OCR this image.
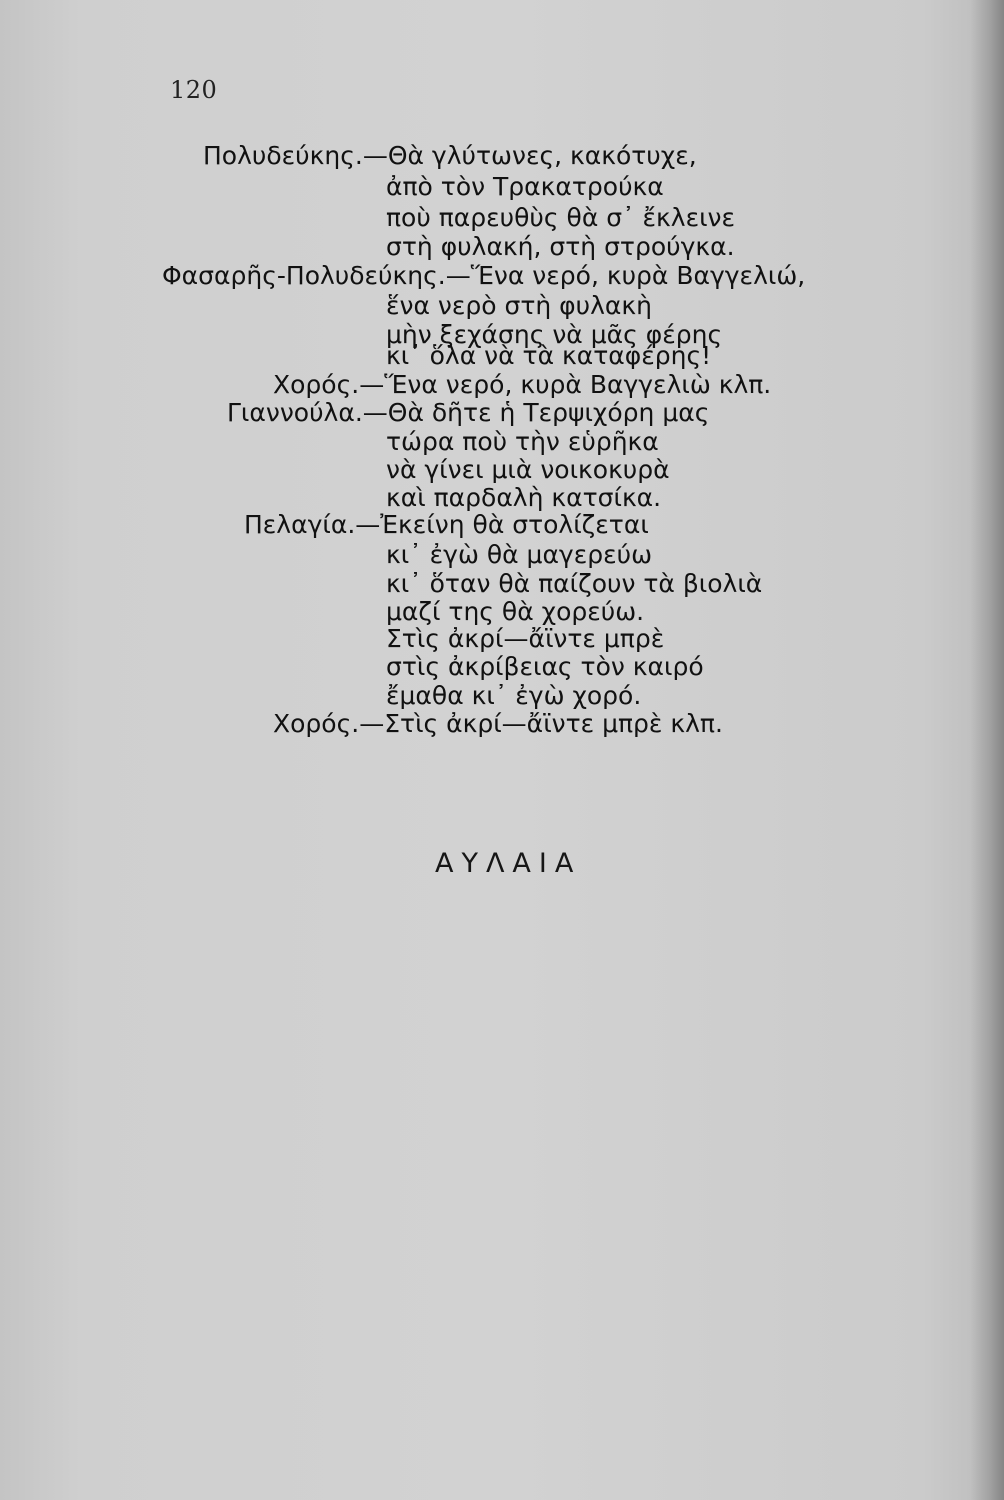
120
Πολυδεύκης.—Θὰ γλύτωνες, κακότυχε,
ἀπὸ τὸν Τρακατρούκα
ποὺ παρευθὺς θὰ σ᾽ ἔκλεινε
στὴ φυλακή, στὴ στρούγκα.
Φασαρῆς-Πολυδεύκης.—Ἕνα νερό, κυρὰ Βαγγελιώ,
ἕνα νερὸ στὴ φυλακὴ
μὴν ξεχάσης νὰ μᾶς φέρης
κι᾽ ὅλα νὰ τὰ καταφέρης!
Χορός.—Ἕνα νερό, κυρὰ Βαγγελιὼ κλπ.
Γιαννούλα.—Θὰ δῆτε ἡ Τερψιχόρη μας
τώρα ποὺ τὴν εὑρῆκα
νὰ γίνει μιὰ νοικοκυρὰ
καὶ παρδαλὴ κατσίκα.
Πελαγία.—Ἐκείνη θὰ στολίζεται
κι᾽ ἐγὼ θὰ μαγερεύω
κι᾽ ὅταν θὰ παίζουν τὰ βιολιὰ
μαζί της θὰ χορεύω.
Στὶς ἀκρί—ἄϊντε μπρὲ
στὶς ἀκρίβειας τὸν καιρό
ἔμαθα κι᾽ ἐγὼ χορό.
Χορός.—Στὶς ἀκρί—ἄϊντε μπρὲ κλπ.
ΑΥΛΑΙΑ
